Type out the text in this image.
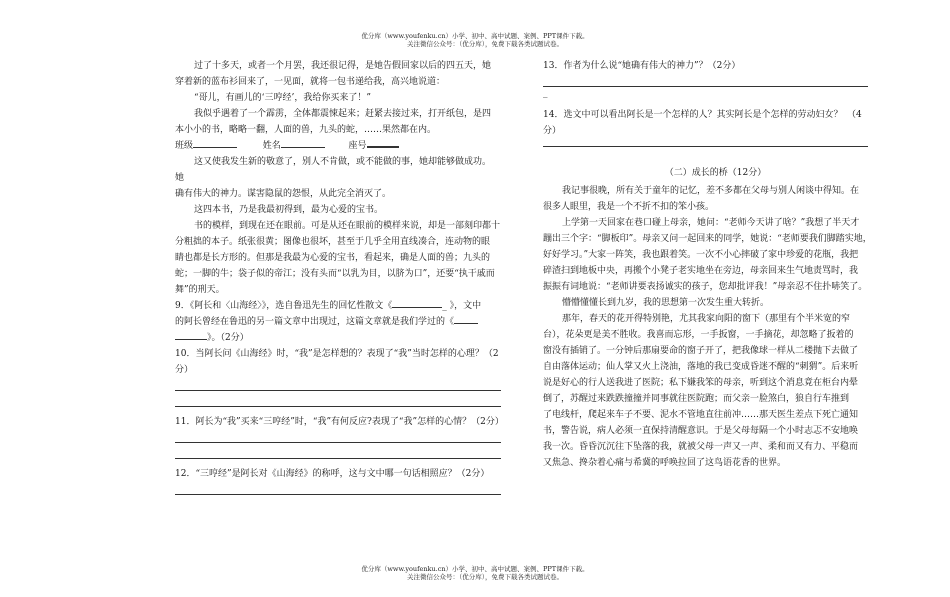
优分库（www.youfenku.cn）小学、初中、高中试题、案例、PPT课件下载。
关注微信公众号：（优分库），免费下载各类试题试卷。

过了十多天，或者一个月罢，我还很记得，是她告假回家以后的四五天，她

穿着新的蓝布衫回来了，一见面，就将一包书递给我，高兴地说道：

“哥儿，有画儿的‘三哼经’，我给你买来了！”

我似乎遇着了一个霹雳，全体都震悚起来；赶紧去接过来，打开纸包，是四

本小小的书，略略一翻，人面的兽，九头的蛇，……果然都在内。

班级	姓名	座号

这又使我发生新的敬意了，别人不肯做，或不能做的事，她却能够做成功。

她

确有伟大的神力。谋害隐鼠的怨恨，从此完全消灭了。

这四本书，乃是我最初得到，最为心爱的宝书。

书的模样，到现在还在眼前。可是从还在眼前的模样来说，却是一部刻印都十

分粗拙的本子。纸张很黄；图像也很坏，甚至于几乎全用直线凑合，连动物的眼

睛也都是长方形的。但那是我最为心爱的宝书，看起来，确是人面的兽；九头的

蛇；一脚的牛；袋子似的帝江；没有头而“以乳为目，以脐为口”，还要“执干戚而

舞”的刑天。

9．《阿长和〈山海经〉》，选自鲁迅先生的回忆性散文《	_ 》，文中

的阿长曾经在鲁迅的另一篇文章中出现过，这篇文章就是我们学过的《

》。（2分）

10．当阿长问《山海经》时，“我”是怎样想的？表现了“我”当时怎样的心理？（2

分）

11．阿长为“我”买来“三哼经”时，“我”有何反应?表现了“我”怎样的心情？（2分）

12．“三哼经”是阿长对《山海经》的称呼，这与文中哪一句话相照应？（2分）

13．作者为什么说“她确有伟大的神力”？（2分）

_

14．选文中可以看出阿长是一个怎样的人？其实阿长是个怎样的劳动妇女？　（4

分）

（二）成长的桥（12分）

我记事很晚，所有关于童年的记忆，差不多都在父母与别人闲谈中得知。在

很多人眼里，我是一个不折不扣的笨小孩。

上学第一天回家在巷口碰上母亲，她问：“老师今天讲了啥？”我想了半天才

蹦出三个字：“脚板印”。母亲又问一起回来的同学，她说：“老师要我们脚踏实地，

好好学习。”大家一阵笑，我也跟着笑。一次不小心摔破了家中珍爱的花瓶，我把

碎渣扫到地板中央，再搬个小凳子老实地坐在旁边，母亲回来生气地责骂时，我

振振有词地说：“老师讲要表扬诚实的孩子，您却批评我！”母亲忍不住扑哧笑了。

懵懵懂懂长到九岁，我的思想第一次发生重大转折。

那年，春天的花开得特别艳，尤其我家向阳的窗下（那里有个半米宽的窄

台），花朵更是美不胜收。我喜而忘形，一手扳窗，一手摘花，却忽略了扳着的

窗没有插销了。一分钟后那扇要命的窗子开了，把我像球一样从二楼抛下去做了

自由落体运动；仙人掌又火上浇油，落地的我已变成昏迷不醒的“刺猬”。后来听

说是好心的行人送我进了医院；私下嫌我笨的母亲，听到这个消息竟在柜台内晕

倒了，苏醒过来跌跌撞撞并同事就往医院跑；而父亲一脸煞白，狼自行车推到

了电线杆，爬起来车子不要、泥水不管地直往前冲……那天医生差点下死亡通知

书，警告说，病人必须一直保持清醒意识。于是父母每隔一个小时志忑不安地唤

我一次。昏昏沉沉往下坠落的我，就被父母一声又一声、柔和而又有力、平稳而

又焦急、搀杂着心痛与希冀的呼唤拉回了这鸟语花香的世界。

优分库（www.youfenku.cn）小学、初中、高中试题、案例、PPT课件下载。
关注微信公众号：（优分库），免费下载各类试题试卷。
